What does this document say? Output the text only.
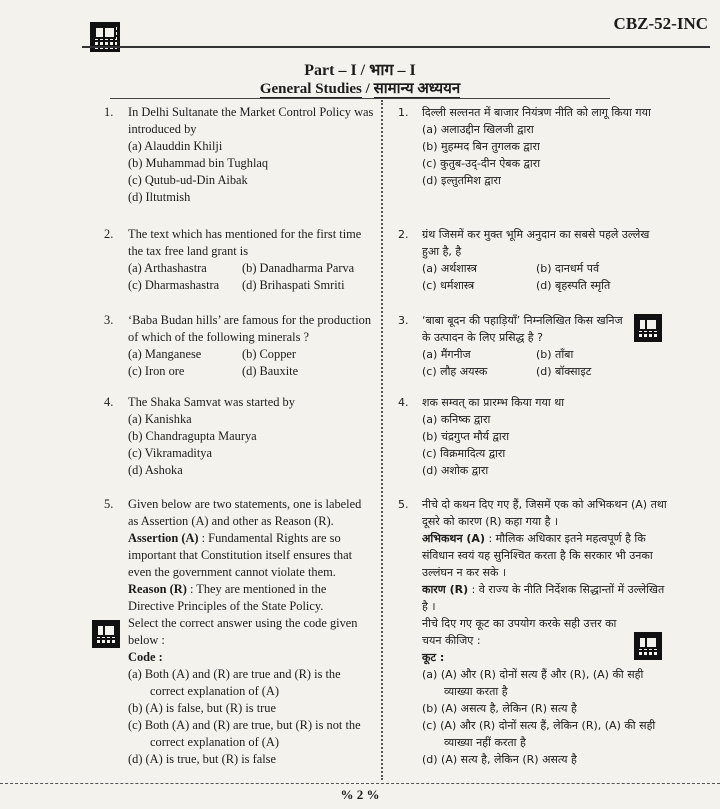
CBZ-52-INC
Part – I / भाग – I
General Studies / सामान्य अध्ययन
1.	In Delhi Sultanate the Market Control Policy was introduced by
(a) Alauddin Khilji
(b) Muhammad bin Tughlaq
(c) Qutub-ud-Din Aibak
(d) Iltutmish
2.	The text which has mentioned for the first time the tax free land grant is
(a) Arthashastra	(b) Danadharma Parva
(c) Dharmashastra	(d) Brihaspati Smriti
3.	‘Baba Budan hills’ are famous for the production of which of the following minerals ?
(a) Manganese	(b) Copper
(c) Iron ore	(d) Bauxite
4.	The Shaka Samvat was started by
(a) Kanishka
(b) Chandragupta Maurya
(c) Vikramaditya
(d) Ashoka
5.	Given below are two statements, one is labeled as Assertion (A) and other as Reason (R).
Assertion (A) : Fundamental Rights are so important that Constitution itself ensures that even the government cannot violate them.
Reason (R) : They are mentioned in the Directive Principles of the State Policy.
Select the correct answer using the code given below :
Code :
(a) Both (A) and (R) are true and (R) is the correct explanation of (A)
(b) (A) is false, but (R) is true
(c) Both (A) and (R) are true, but (R) is not the correct explanation of (A)
(d) (A) is true, but (R) is false
1.	दिल्ली सल्तनत में बाजार नियंत्रण नीति को लागू किया गया
(a) अलाउद्दीन खिलजी द्वारा
(b) मुहम्मद बिन तुगलक द्वारा
(c) कुतुब-उद्-दीन ऐबक द्वारा
(d) इल्तुतमिश द्वारा
2.	ग्रंथ जिसमें कर मुक्त भूमि अनुदान का सबसे पहले उल्लेख हुआ है, है
(a) अर्थशास्त्र	(b) दानधर्म पर्व
(c) धर्मशास्त्र	(d) बृहस्पति स्मृति
3.	‘बाबा बूदन की पहाड़ियाँ’ निम्नलिखित किस खनिज के उत्पादन के लिए प्रसिद्ध है ?
(a) मैंगनीज	(b) ताँबा
(c) लौह अयस्क	(d) बॉक्साइट
4.	शक सम्वत् का प्रारम्भ किया गया था
(a) कनिष्क द्वारा
(b) चंद्रगुप्त मौर्य द्वारा
(c) विक्रमादित्य द्वारा
(d) अशोक द्वारा
5.	नीचे दो कथन दिए गए हैं, जिसमें एक को अभिकथन (A) तथा दूसरे को कारण (R) कहा गया है ।
अभिकथन (A) : मौलिक अधिकार इतने महत्वपूर्ण है कि संविधान स्वयं यह सुनिश्चित करता है कि सरकार भी उनका उल्लंघन न कर सके ।
कारण (R) : वे राज्य के नीति निर्देशक सिद्धान्तों में उल्लेखित है ।
नीचे दिए गए कूट का उपयोग करके सही उत्तर का चयन कीजिए :
कूट :
(a) (A) और (R) दोनों सत्य हैं और (R), (A) की सही व्याख्या करता है
(b) (A) असत्य है, लेकिन (R) सत्य है
(c) (A) और (R) दोनों सत्य हैं, लेकिन (R), (A) की सही व्याख्या नहीं करता है
(d) (A) सत्य है, लेकिन (R) असत्य है
% 2 %
